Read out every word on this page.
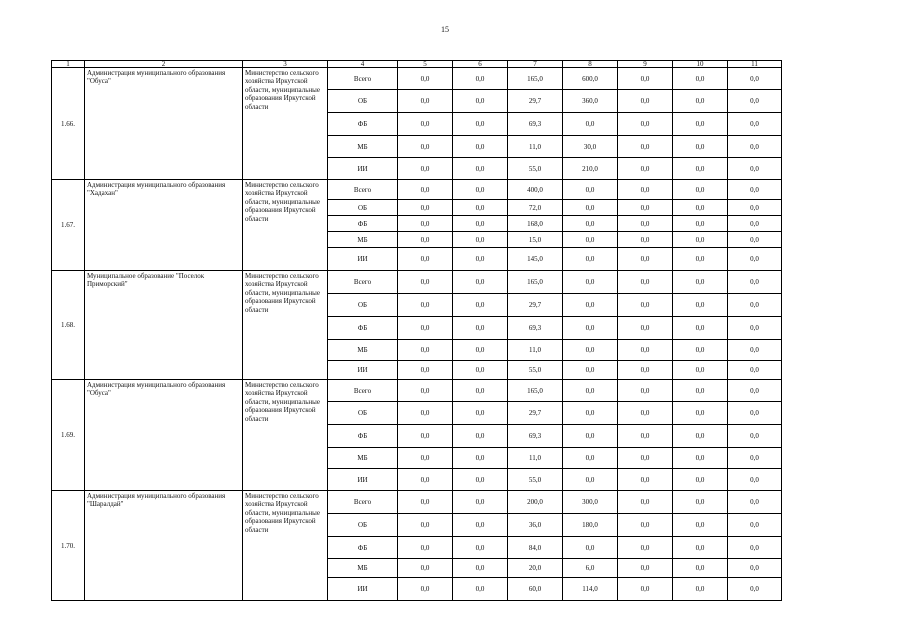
15
1	2	3	4	5	6	7	8	9	10	11
1.66.	Администрация муниципального образования "Обуса"	Министерство сельского хозяйства Иркутской области, муниципальные образования Иркутской области	Всего	0,0	0,0	165,0	600,0	0,0	0,0	0,0
			ОБ	0,0	0,0	29,7	360,0	0,0	0,0	0,0
			ФБ	0,0	0,0	69,3	0,0	0,0	0,0	0,0
			МБ	0,0	0,0	11,0	30,0	0,0	0,0	0,0
			ИИ	0,0	0,0	55,0	210,0	0,0	0,0	0,0
1.67.	Администрация муниципального образования "Хадахан"	Министерство сельского хозяйства Иркутской области, муниципальные образования Иркутской области	Всего	0,0	0,0	400,0	0,0	0,0	0,0	0,0
			ОБ	0,0	0,0	72,0	0,0	0,0	0,0	0,0
			ФБ	0,0	0,0	168,0	0,0	0,0	0,0	0,0
			МБ	0,0	0,0	15,0	0,0	0,0	0,0	0,0
			ИИ	0,0	0,0	145,0	0,0	0,0	0,0	0,0
1.68.	Муниципальное образование "Поселок Приморский"	Министерство сельского хозяйства Иркутской области, муниципальные образования Иркутской области	Всего	0,0	0,0	165,0	0,0	0,0	0,0	0,0
			ОБ	0,0	0,0	29,7	0,0	0,0	0,0	0,0
			ФБ	0,0	0,0	69,3	0,0	0,0	0,0	0,0
			МБ	0,0	0,0	11,0	0,0	0,0	0,0	0,0
			ИИ	0,0	0,0	55,0	0,0	0,0	0,0	0,0
1.69.	Администрация муниципального образования "Обуса"	Министерство сельского хозяйства Иркутской области, муниципальные образования Иркутской области	Всего	0,0	0,0	165,0	0,0	0,0	0,0	0,0
			ОБ	0,0	0,0	29,7	0,0	0,0	0,0	0,0
			ФБ	0,0	0,0	69,3	0,0	0,0	0,0	0,0
			МБ	0,0	0,0	11,0	0,0	0,0	0,0	0,0
			ИИ	0,0	0,0	55,0	0,0	0,0	0,0	0,0
1.70.	Администрация муниципального образования "Шаралдай"	Министерство сельского хозяйства Иркутской области, муниципальные образования Иркутской области	Всего	0,0	0,0	200,0	300,0	0,0	0,0	0,0
			ОБ	0,0	0,0	36,0	180,0	0,0	0,0	0,0
			ФБ	0,0	0,0	84,0	0,0	0,0	0,0	0,0
			МБ	0,0	0,0	20,0	6,0	0,0	0,0	0,0
			ИИ	0,0	0,0	60,0	114,0	0,0	0,0	0,0
